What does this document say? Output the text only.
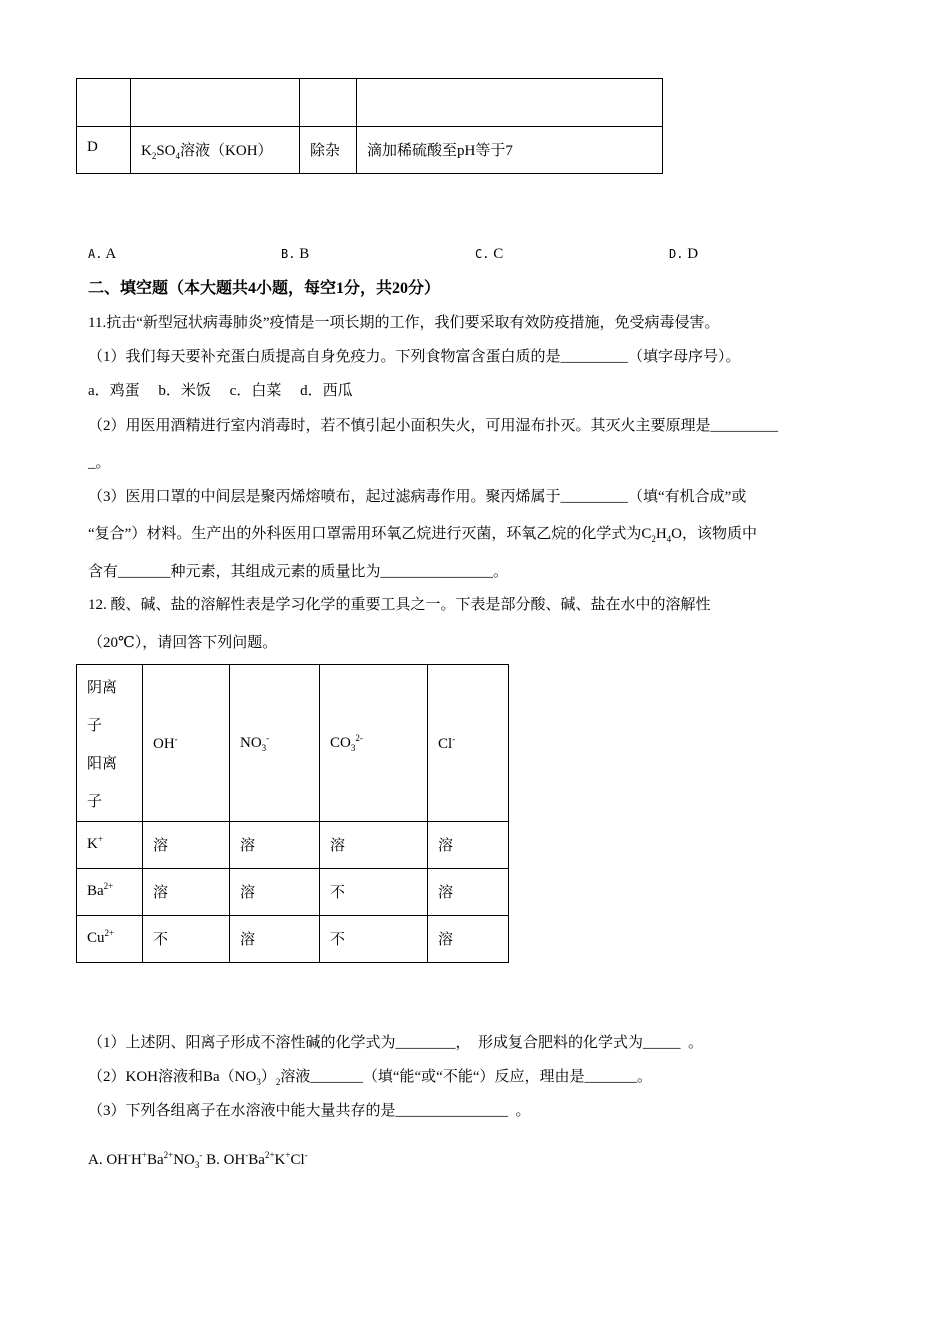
D	$K_2SO_4$溶液（KOH）	除杂	滴加稀硫酸至pH等于7
A. A	B. B	C. C	D. D
二、填空题（本大题共4小题，每空1分，共20分）
11.抗击“新型冠状病毒肺炎”疫情是一项长期的工作，我们要采取有效防疫措施，免受病毒侵害。
（1）我们每天要补充蛋白质提高自身免疫力。下列食物富含蛋白质的是_________（填字母序号）。
a．鸡蛋　 b．米饭　 c．白菜　 d．西瓜
（2）用医用酒精进行室内消毒时，若不慎引起小面积失火，可用湿布扑灭。其灭火主要原理是_________
_。
（3）医用口罩的中间层是聚丙烯熔喷布，起过滤病毒作用。聚丙烯属于_________（填“有机合成”或
“复合”）材料。生产出的外科医用口罩需用环氧乙烷进行灭菌，环氧乙烷的化学式为$C_2H_4O$，该物质中
含有_______种元素，其组成元素的质量比为_______________。
12. 酸、碱、盐的溶解性表是学习化学的重要工具之一。下表是部分酸、碱、盐在水中的溶解性
（20℃），请回答下列问题。
阴离
子
阳离
子	OH-	$NO_3^-$	$CO_3^{2-}$	Cl-
K+	溶	溶	溶	溶
$Ba^{2+}$	溶	溶	不	溶
$Cu^{2+}$	不	溶	不	溶
（1）上述阴、阳离子形成不溶性碱的化学式为________，  形成复合肥料的化学式为_____  。
（2）KOH溶液和$Ba(NO_3)_2$溶液_______（填“能“或“不能“）反应，理由是_______。
（3）下列各组离子在水溶液中能大量共存的是_______________  。
A. $OH^-H^+Ba^{2+}NO_3^-$ B. $OH^-Ba^{2+}K^+Cl^-$
